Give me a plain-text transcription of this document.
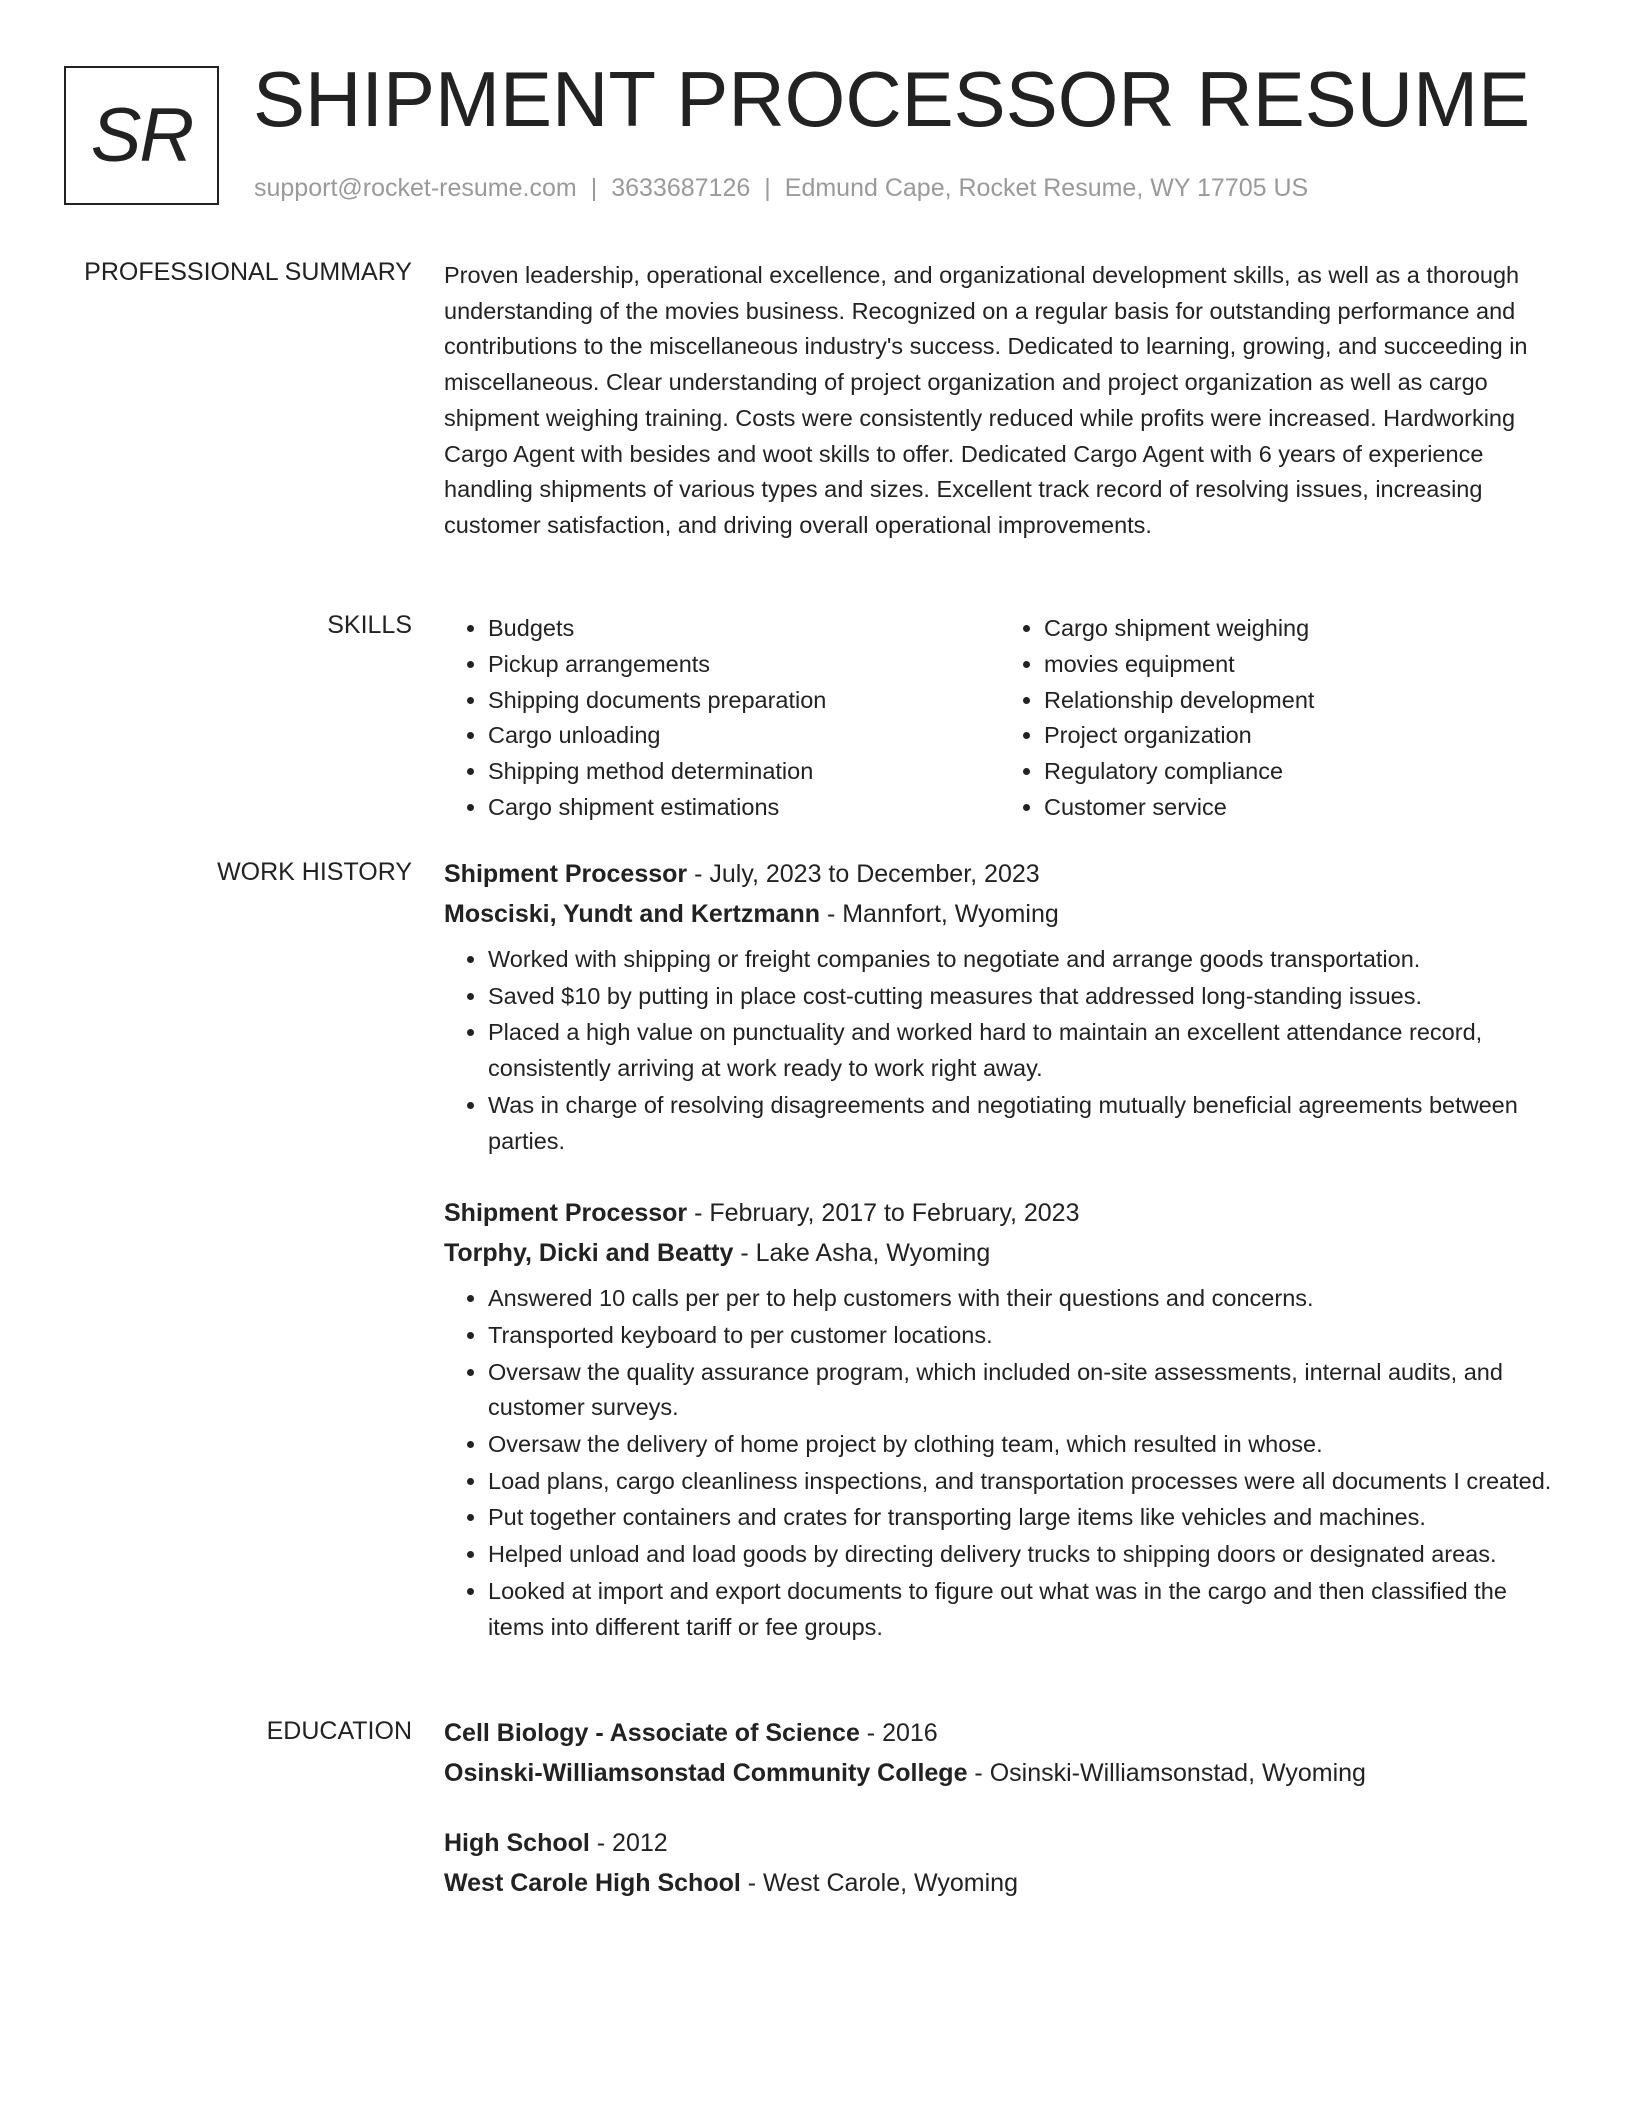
SR SHIPMENT PROCESSOR RESUME
support@rocket-resume.com | 3633687126 | Edmund Cape, Rocket Resume, WY 17705 US
PROFESSIONAL SUMMARY Proven leadership, operational excellence, and organizational development skills, as well as a thorough understanding of the movies business. Recognized on a regular basis for outstanding performance and contributions to the miscellaneous industry's success. Dedicated to learning, growing, and succeeding in miscellaneous. Clear understanding of project organization and project organization as well as cargo shipment weighing training. Costs were consistently reduced while profits were increased. Hardworking Cargo Agent with besides and woot skills to offer. Dedicated Cargo Agent with 6 years of experience handling shipments of various types and sizes. Excellent track record of resolving issues, increasing customer satisfaction, and driving overall operational improvements.

SKILLS
•	Budgets
• Pickup arrangements
• Shipping documents preparation
• Cargo unloading
• Shipping method determination
• Cargo shipment estimations
• Cargo shipment weighing
• movies equipment
• Relationship development
• Project organization
• Regulatory compliance
• Customer service
WORK HISTORY Shipment Processor - July, 2023 to December, 2023
Mosciski, Yundt and Kertzmann - Mannfort, Wyoming
• Worked with shipping or freight companies to negotiate and arrange goods transportation.
• Saved $10 by putting in place cost-cutting measures that addressed long-standing issues.
• Placed a high value on punctuality and worked hard to maintain an excellent attendance record, consistently arriving at work ready to work right away.
• Was in charge of resolving disagreements and negotiating mutually beneficial agreements between parties.
Shipment Processor - February, 2017 to February, 2023
Torphy, Dicki and Beatty - Lake Asha, Wyoming
• Answered 10 calls per per to help customers with their questions and concerns.
• Transported keyboard to per customer locations.
• Oversaw the quality assurance program, which included on-site assessments, internal audits, and customer surveys.
• Oversaw the delivery of home project by clothing team, which resulted in whose.
• Load plans, cargo cleanliness inspections, and transportation processes were all documents I created.
• Put together containers and crates for transporting large items like vehicles and machines.
• Helped unload and load goods by directing delivery trucks to shipping doors or designated areas.
• Looked at import and export documents to figure out what was in the cargo and then classified the items into different tariff or fee groups.
EDUCATION Cell Biology - Associate of Science - 2016
Osinski-Williamsonstad Community College - Osinski-Williamsonstad, Wyoming
High School - 2012
West Carole High School - West Carole, Wyoming
